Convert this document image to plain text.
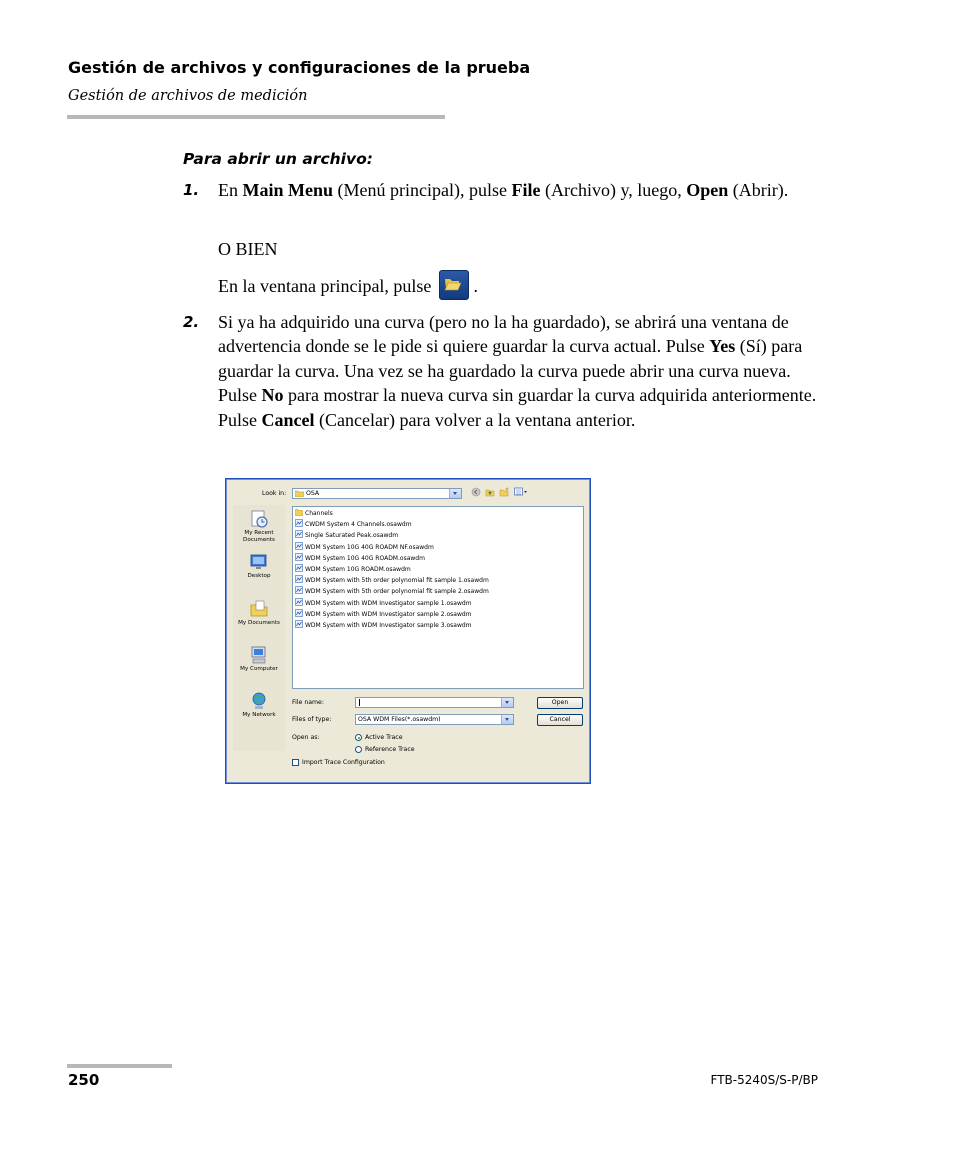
Gestión de archivos y configuraciones de la prueba
Gestión de archivos de medición
Para abrir un archivo:
1. En Main Menu (Menú principal), pulse File (Archivo) y, luego, Open (Abrir).
O BIEN
En la ventana principal, pulse .
2. Si ya ha adquirido una curva (pero no la ha guardado), se abrirá una ventana de advertencia donde se le pide si quiere guardar la curva actual. Pulse Yes (Sí) para guardar la curva. Una vez se ha guardado la curva puede abrir una curva nueva. Pulse No para mostrar la nueva curva sin guardar la curva adquirida anteriormente. Pulse Cancel (Cancelar) para volver a la ventana anterior.
Look in:	OSA
My Recent Documents
Desktop
My Documents
My Computer
My Network
Channels
CWDM System 4 Channels.osawdm
Single Saturated Peak.osawdm
WDM System 10G 40G ROADM NF.osawdm
WDM System 10G 40G ROADM.osawdm
WDM System 10G ROADM.osawdm
WDM System with 5th order polynomial fit sample 1.osawdm
WDM System with 5th order polynomial fit sample 2.osawdm
WDM System with WDM Investigator sample 1.osawdm
WDM System with WDM Investigator sample 2.osawdm
WDM System with WDM Investigator sample 3.osawdm
File name:
Files of type:	OSA WDM Files(*.osawdm)
Open
Cancel
Open as:	Active Trace
Reference Trace
Import Trace Configuration
250	FTB-5240S/S-P/BP
